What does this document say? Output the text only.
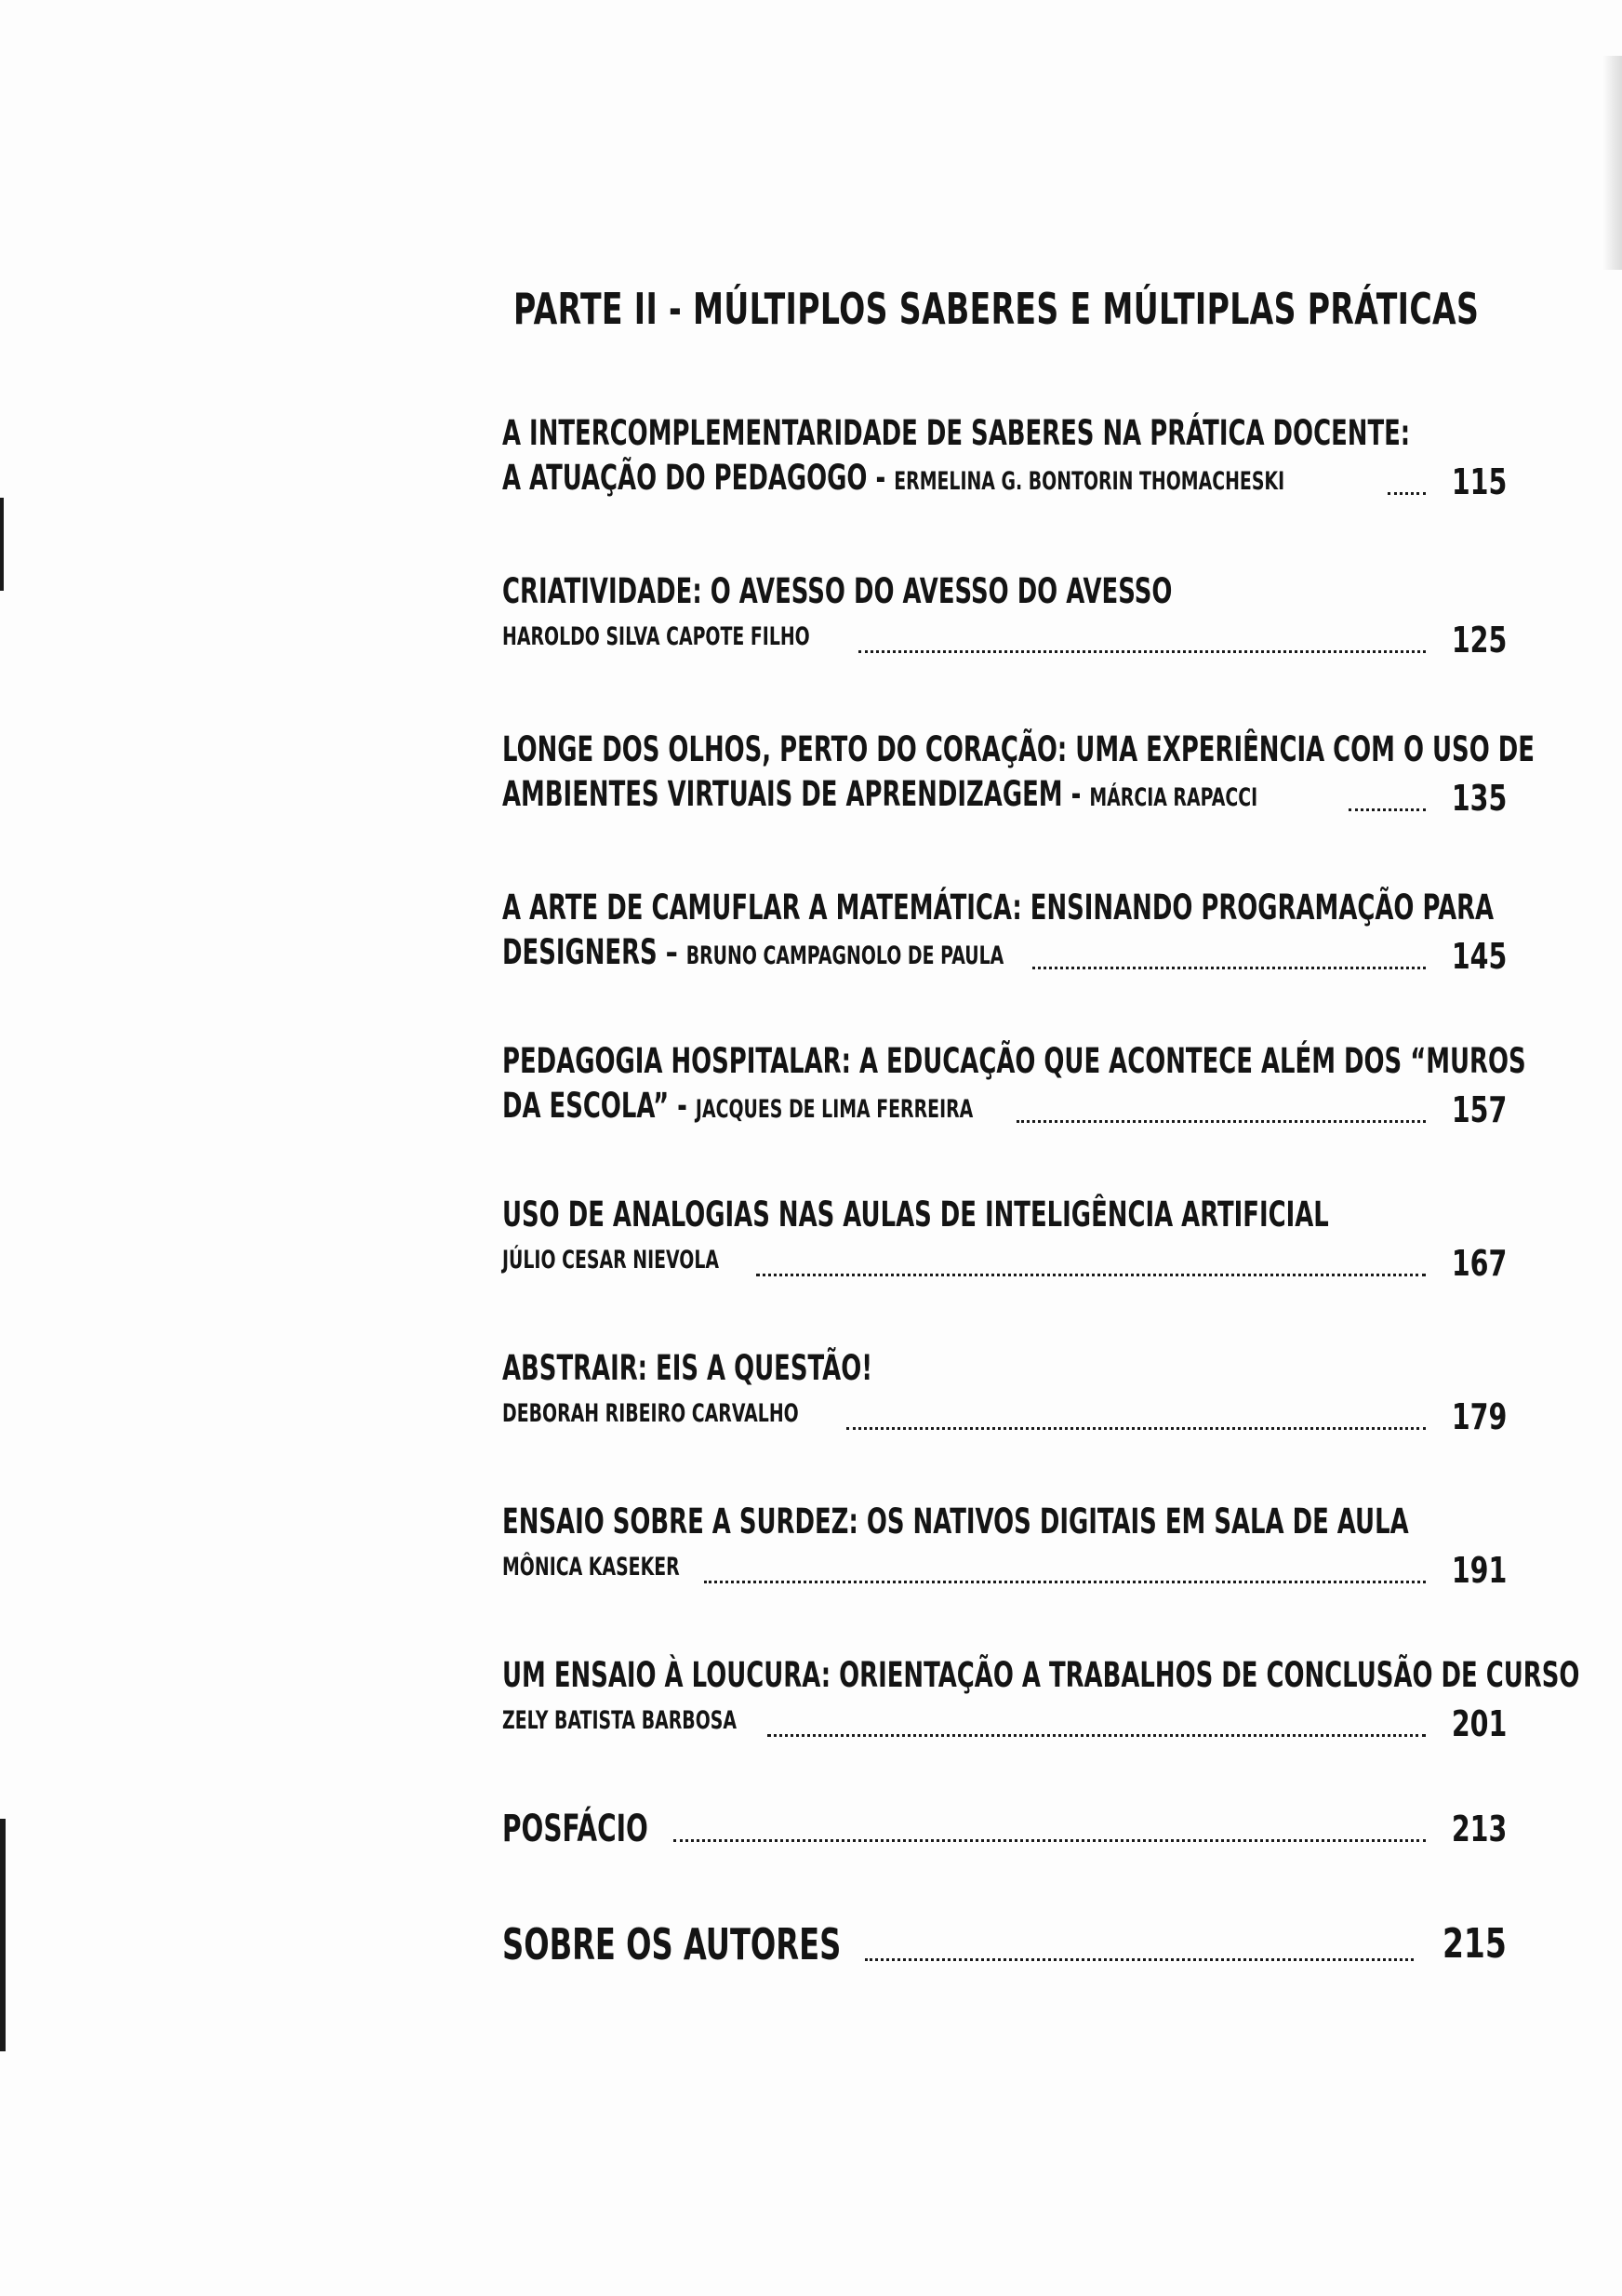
PARTE II - MÚLTIPLOS SABERES E MÚLTIPLAS PRÁTICAS
A INTERCOMPLEMENTARIDADE DE SABERES NA PRÁTICA DOCENTE:
A ATUAÇÃO DO PEDAGOGO - ERMELINA G. BONTORIN THOMACHESKI	115
CRIATIVIDADE: O AVESSO DO AVESSO DO AVESSO
HAROLDO SILVA CAPOTE FILHO	125
LONGE DOS OLHOS, PERTO DO CORAÇÃO: UMA EXPERIÊNCIA COM O USO DE
AMBIENTES VIRTUAIS DE APRENDIZAGEM - MÁRCIA RAPACCI	135
A ARTE DE CAMUFLAR A MATEMÁTICA: ENSINANDO PROGRAMAÇÃO PARA
DESIGNERS – BRUNO CAMPAGNOLO DE PAULA	145
PEDAGOGIA HOSPITALAR: A EDUCAÇÃO QUE ACONTECE ALÉM DOS “MUROS
DA ESCOLA” - JACQUES DE LIMA FERREIRA	157
USO DE ANALOGIAS NAS AULAS DE INTELIGÊNCIA ARTIFICIAL
JÚLIO CESAR NIEVOLA	167
ABSTRAIR: EIS A QUESTÃO!
DEBORAH RIBEIRO CARVALHO	179
ENSAIO SOBRE A SURDEZ: OS NATIVOS DIGITAIS EM SALA DE AULA
MÔNICA KASEKER	191
UM ENSAIO À LOUCURA: ORIENTAÇÃO A TRABALHOS DE CONCLUSÃO DE CURSO
ZELY BATISTA BARBOSA	201
POSFÁCIO	213
SOBRE OS AUTORES	215
